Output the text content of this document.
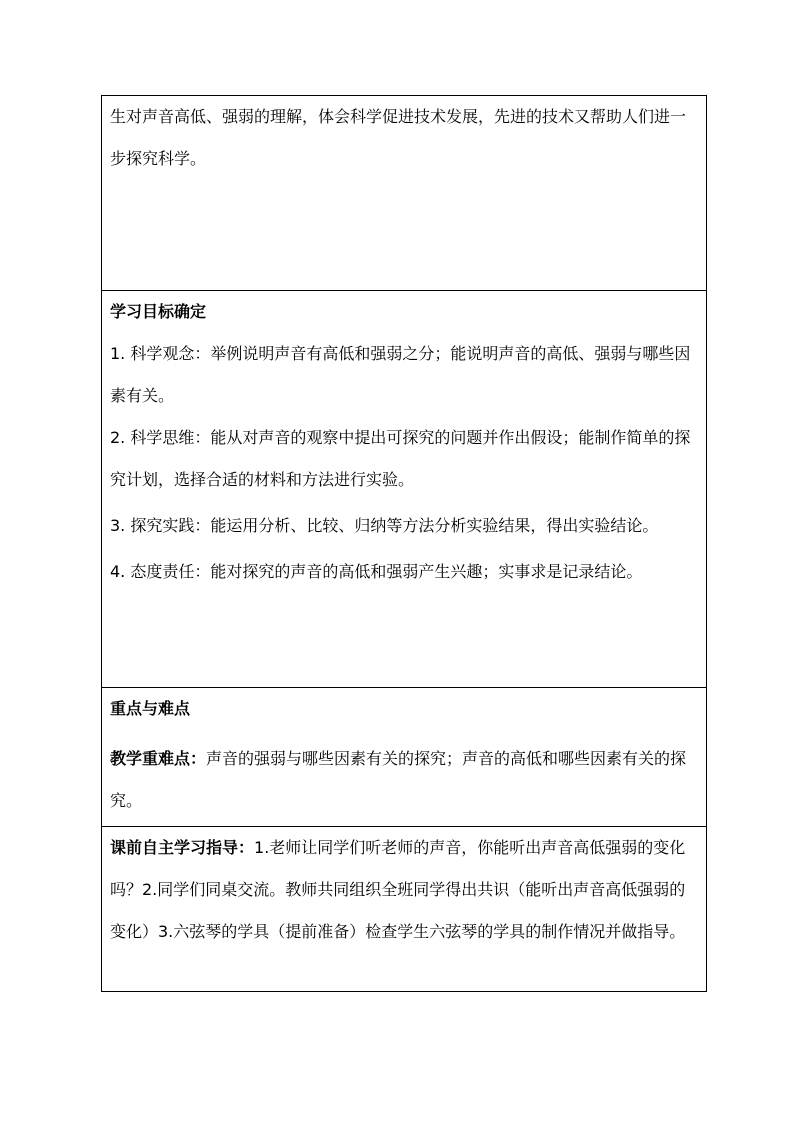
生对声音高低、强弱的理解，体会科学促进技术发展，先进的技术又帮助人们进一步探究科学。

学习目标确定

1. 科学观念：举例说明声音有高低和强弱之分；能说明声音的高低、强弱与哪些因素有关。

2. 科学思维：能从对声音的观察中提出可探究的问题并作出假设；能制作简单的探究计划，选择合适的材料和方法进行实验。

3. 探究实践：能运用分析、比较、归纳等方法分析实验结果，得出实验结论。

4. 态度责任：能对探究的声音的高低和强弱产生兴趣；实事求是记录结论。

重点与难点

教学重难点：声音的强弱与哪些因素有关的探究；声音的高低和哪些因素有关的探究。

课前自主学习指导：1.老师让同学们听老师的声音，你能听出声音高低强弱的变化吗？2.同学们同桌交流。教师共同组织全班同学得出共识（能听出声音高低强弱的变化）3.六弦琴的学具（提前准备）检查学生六弦琴的学具的制作情况并做指导。
